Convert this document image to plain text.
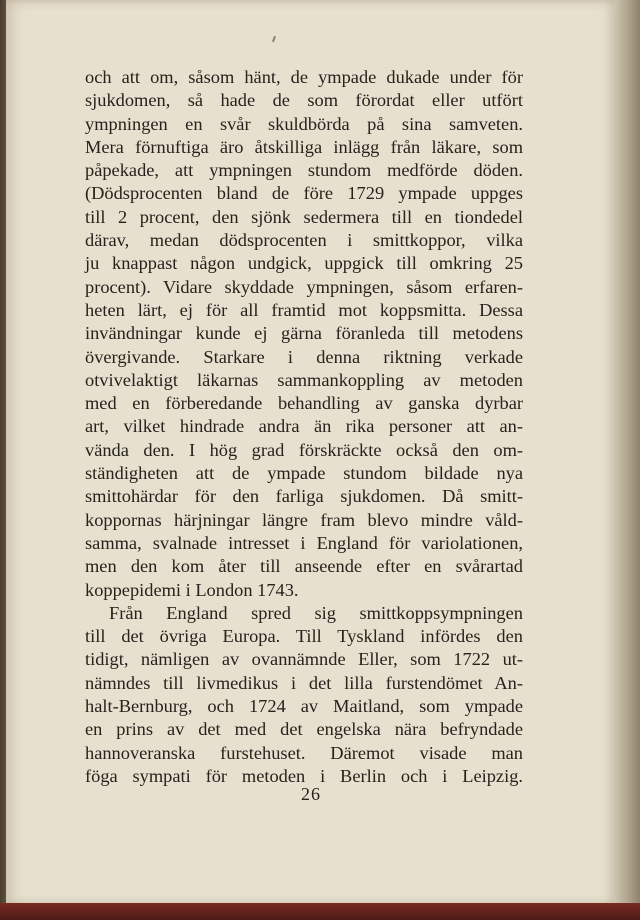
och att om, såsom hänt, de ympade dukade under för
sjukdomen, så hade de som förordat eller utfört
ympningen en svår skuldbörda på sina samveten.
Mera förnuftiga äro åtskilliga inlägg från läkare, som
påpekade, att ympningen stundom medförde döden.
(Dödsprocenten bland de före 1729 ympade uppges
till 2 procent, den sjönk sedermera till en tiondedel
därav, medan dödsprocenten i smittkoppor, vilka
ju knappast någon undgick, uppgick till omkring 25
procent). Vidare skyddade ympningen, såsom erfaren-
heten lärt, ej för all framtid mot koppsmitta. Dessa
invändningar kunde ej gärna föranleda till metodens
övergivande. Starkare i denna riktning verkade
otvivelaktigt läkarnas sammankoppling av metoden
med en förberedande behandling av ganska dyrbar
art, vilket hindrade andra än rika personer att an-
vända den. I hög grad förskräckte också den om-
ständigheten att de ympade stundom bildade nya
smittohärdar för den farliga sjukdomen. Då smitt-
koppornas härjningar längre fram blevo mindre våld-
samma, svalnade intresset i England för variolationen,
men den kom åter till anseende efter en svårartad
koppepidemi i London 1743.
Från England spred sig smittkoppsympningen
till det övriga Europa. Till Tyskland infördes den
tidigt, nämligen av ovannämnde Eller, som 1722 ut-
nämndes till livmedikus i det lilla furstendömet An-
halt-Bernburg, och 1724 av Maitland, som ympade
en prins av det med det engelska nära befryndade
hannoveranska furstehuset. Däremot visade man
föga sympati för metoden i Berlin och i Leipzig.
26
